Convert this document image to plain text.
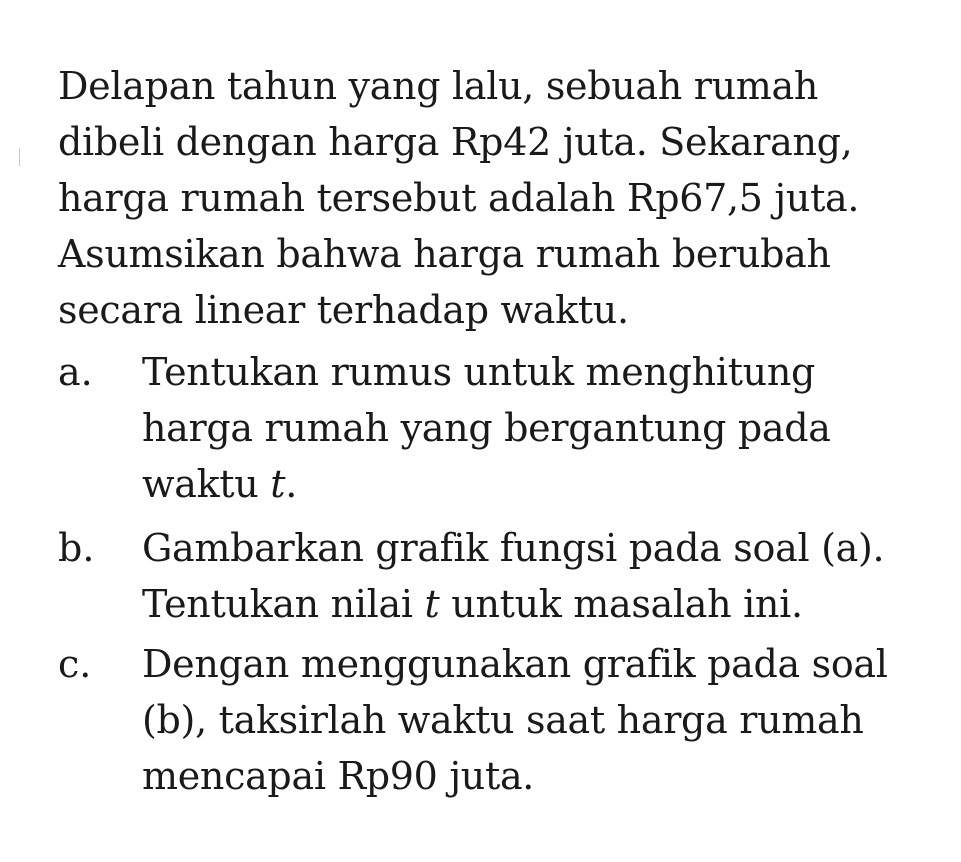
Delapan tahun yang lalu, sebuah rumah
dibeli dengan harga Rp42 juta. Sekarang,
harga rumah tersebut adalah Rp67,5 juta.
Asumsikan bahwa harga rumah berubah
secara linear terhadap waktu.
a. Tentukan rumus untuk menghitung
harga rumah yang bergantung pada
waktu t.
b. Gambarkan grafik fungsi pada soal (a).
Tentukan nilai t untuk masalah ini.
c. Dengan menggunakan grafik pada soal
(b), taksirlah waktu saat harga rumah
mencapai Rp90 juta.
